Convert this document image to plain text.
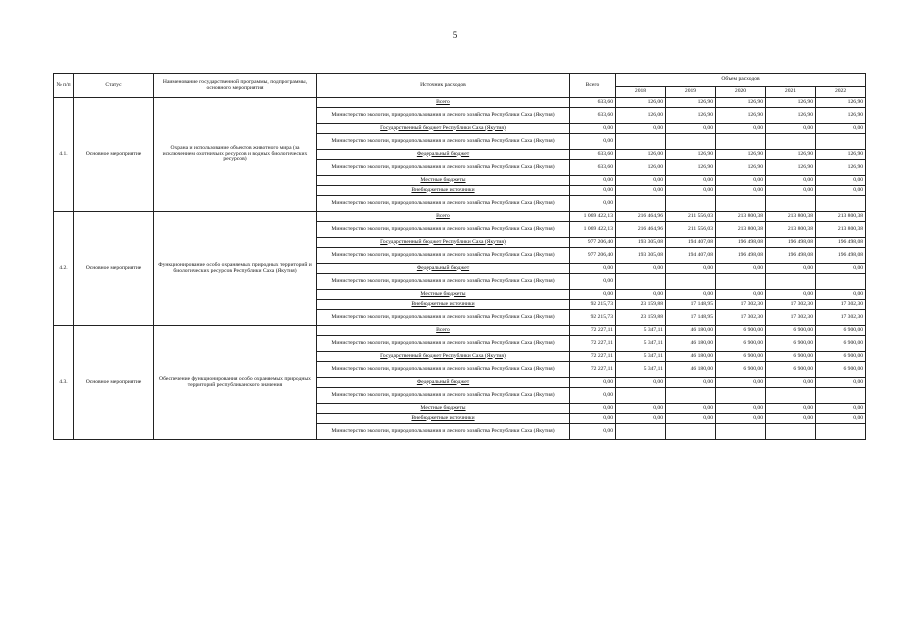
5
№ п/п	Статус	Наименование государственной программы, подпрограммы, основного мероприятия	Источник расходов	Всего	Объем расходов				
					2018	2019	2020	2021	2022
4.1.	Основное мероприятие	Охрана и использование объектов животного мира (за исключением охотничьих ресурсов и водных биологических ресурсов)	Всего	633,60	126,00	126,90	126,90	126,90	126,90
			Министерство экологии, природопользования и лесного хозяйства Республики Саха (Якутия)	633,60	126,00	126,90	126,90	126,90	126,90
			Государственный бюджет Республики Саха (Якутия)	0,00	0,00	0,00	0,00	0,00	0,00
			Министерство экологии, природопользования и лесного хозяйства Республики Саха (Якутия)	0,00					
			Федеральный бюджет	633,60	126,00	126,90	126,90	126,90	126,90
			Министерство экологии, природопользования и лесного хозяйства Республики Саха (Якутия)	633,60	126,00	126,90	126,90	126,90	126,90
			Местные бюджеты	0,00	0,00	0,00	0,00	0,00	0,00
			Внебюджетные источники	0,00	0,00	0,00	0,00	0,00	0,00
			Министерство экологии, природопользования и лесного хозяйства Республики Саха (Якутия)	0,00					
4.2.	Основное мероприятие	Функционирование особо охраняемых природных территорий и биологических ресурсов Республики Саха (Якутия)	Всего	1 069 422,13	216 464,96	211 556,03	213 800,38	213 800,38	213 800,38
			Министерство экологии, природопользования и лесного хозяйства Республики Саха (Якутия)	1 069 422,13	216 464,96	211 556,03	213 800,38	213 800,38	213 800,38
			Государственный бюджет Республики Саха (Якутия)	977 206,40	193 305,08	194 407,08	196 498,08	196 498,08	196 498,08
			Министерство экологии, природопользования и лесного хозяйства Республики Саха (Якутия)	977 206,40	193 305,08	194 407,08	196 498,08	196 498,08	196 498,08
			Федеральный бюджет	0,00	0,00	0,00	0,00	0,00	0,00
			Министерство экологии, природопользования и лесного хозяйства Республики Саха (Якутия)	0,00					
			Местные бюджеты	0,00	0,00	0,00	0,00	0,00	0,00
			Внебюджетные источники	92 215,73	23 159,88	17 148,95	17 302,30	17 302,30	17 302,30
			Министерство экологии, природопользования и лесного хозяйства Республики Саха (Якутия)	92 215,73	23 159,88	17 148,95	17 302,30	17 302,30	17 302,30
4.3.	Основное мероприятие	Обеспечение функционирования особо охраняемых природных территорий республиканского значения	Всего	72 227,11	5 347,11	46 180,00	6 900,00	6 900,00	6 900,00
			Министерство экологии, природопользования и лесного хозяйства Республики Саха (Якутия)	72 227,11	5 347,11	46 180,00	6 900,00	6 900,00	6 900,00
			Государственный бюджет Республики Саха (Якутия)	72 227,11	5 347,11	46 180,00	6 900,00	6 900,00	6 900,00
			Министерство экологии, природопользования и лесного хозяйства Республики Саха (Якутия)	72 227,11	5 347,11	46 180,00	6 900,00	6 900,00	6 900,00
			Федеральный бюджет	0,00	0,00	0,00	0,00	0,00	0,00
			Министерство экологии, природопользования и лесного хозяйства Республики Саха (Якутия)	0,00					
			Местные бюджеты	0,00	0,00	0,00	0,00	0,00	0,00
			Внебюджетные источники	0,00	0,00	0,00	0,00	0,00	0,00
			Министерство экологии, природопользования и лесного хозяйства Республики Саха (Якутия)	0,00					
